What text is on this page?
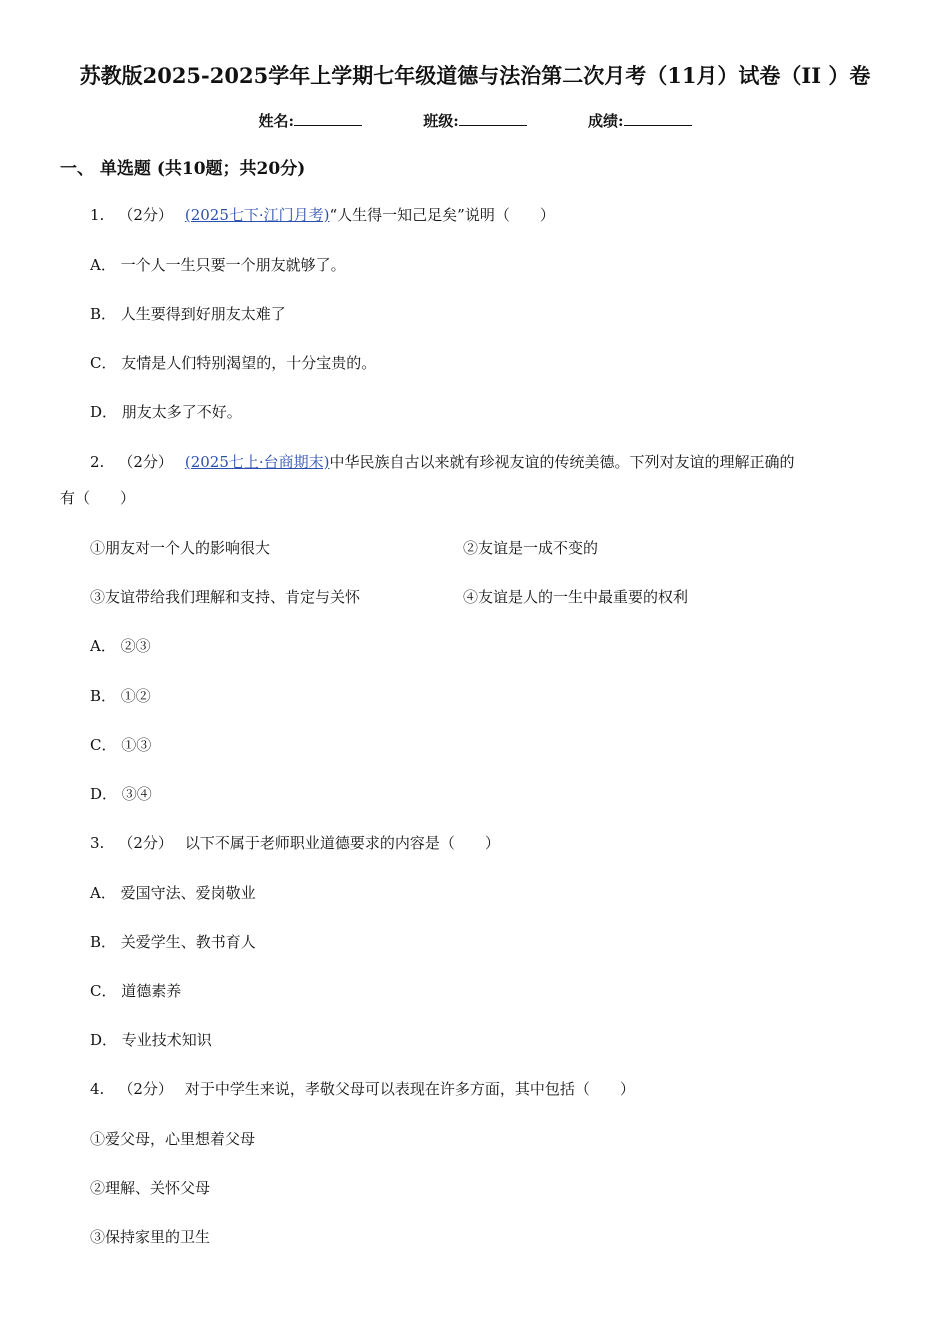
苏教版2025-2025学年上学期七年级道德与法治第二次月考（11月）试卷（II ）卷
姓名:	班级:	成绩:
一、 单选题 (共10题；共20分)
1. （2分） (2025七下·江门月考)“人生得一知己足矣”说明（　　）
A． 一个人一生只要一个朋友就够了。
B． 人生要得到好朋友太难了
C． 友情是人们特别渴望的，十分宝贵的。
D． 朋友太多了不好。
2. （2分） (2025七上·台商期末)中华民族自古以来就有珍视友谊的传统美德。下列对友谊的理解正确的
有（　　）
①朋友对一个人的影响很大	②友谊是一成不变的
③友谊带给我们理解和支持、肯定与关怀	④友谊是人的一生中最重要的权利
A． ②③
B． ①②
C． ①③
D． ③④
3. （2分） 以下不属于老师职业道德要求的内容是（　　）
A． 爱国守法、爱岗敬业
B． 关爱学生、教书育人
C． 道德素养
D． 专业技术知识
4. （2分） 对于中学生来说，孝敬父母可以表现在许多方面，其中包括（　　）
①爱父母，心里想着父母
②理解、关怀父母
③保持家里的卫生
